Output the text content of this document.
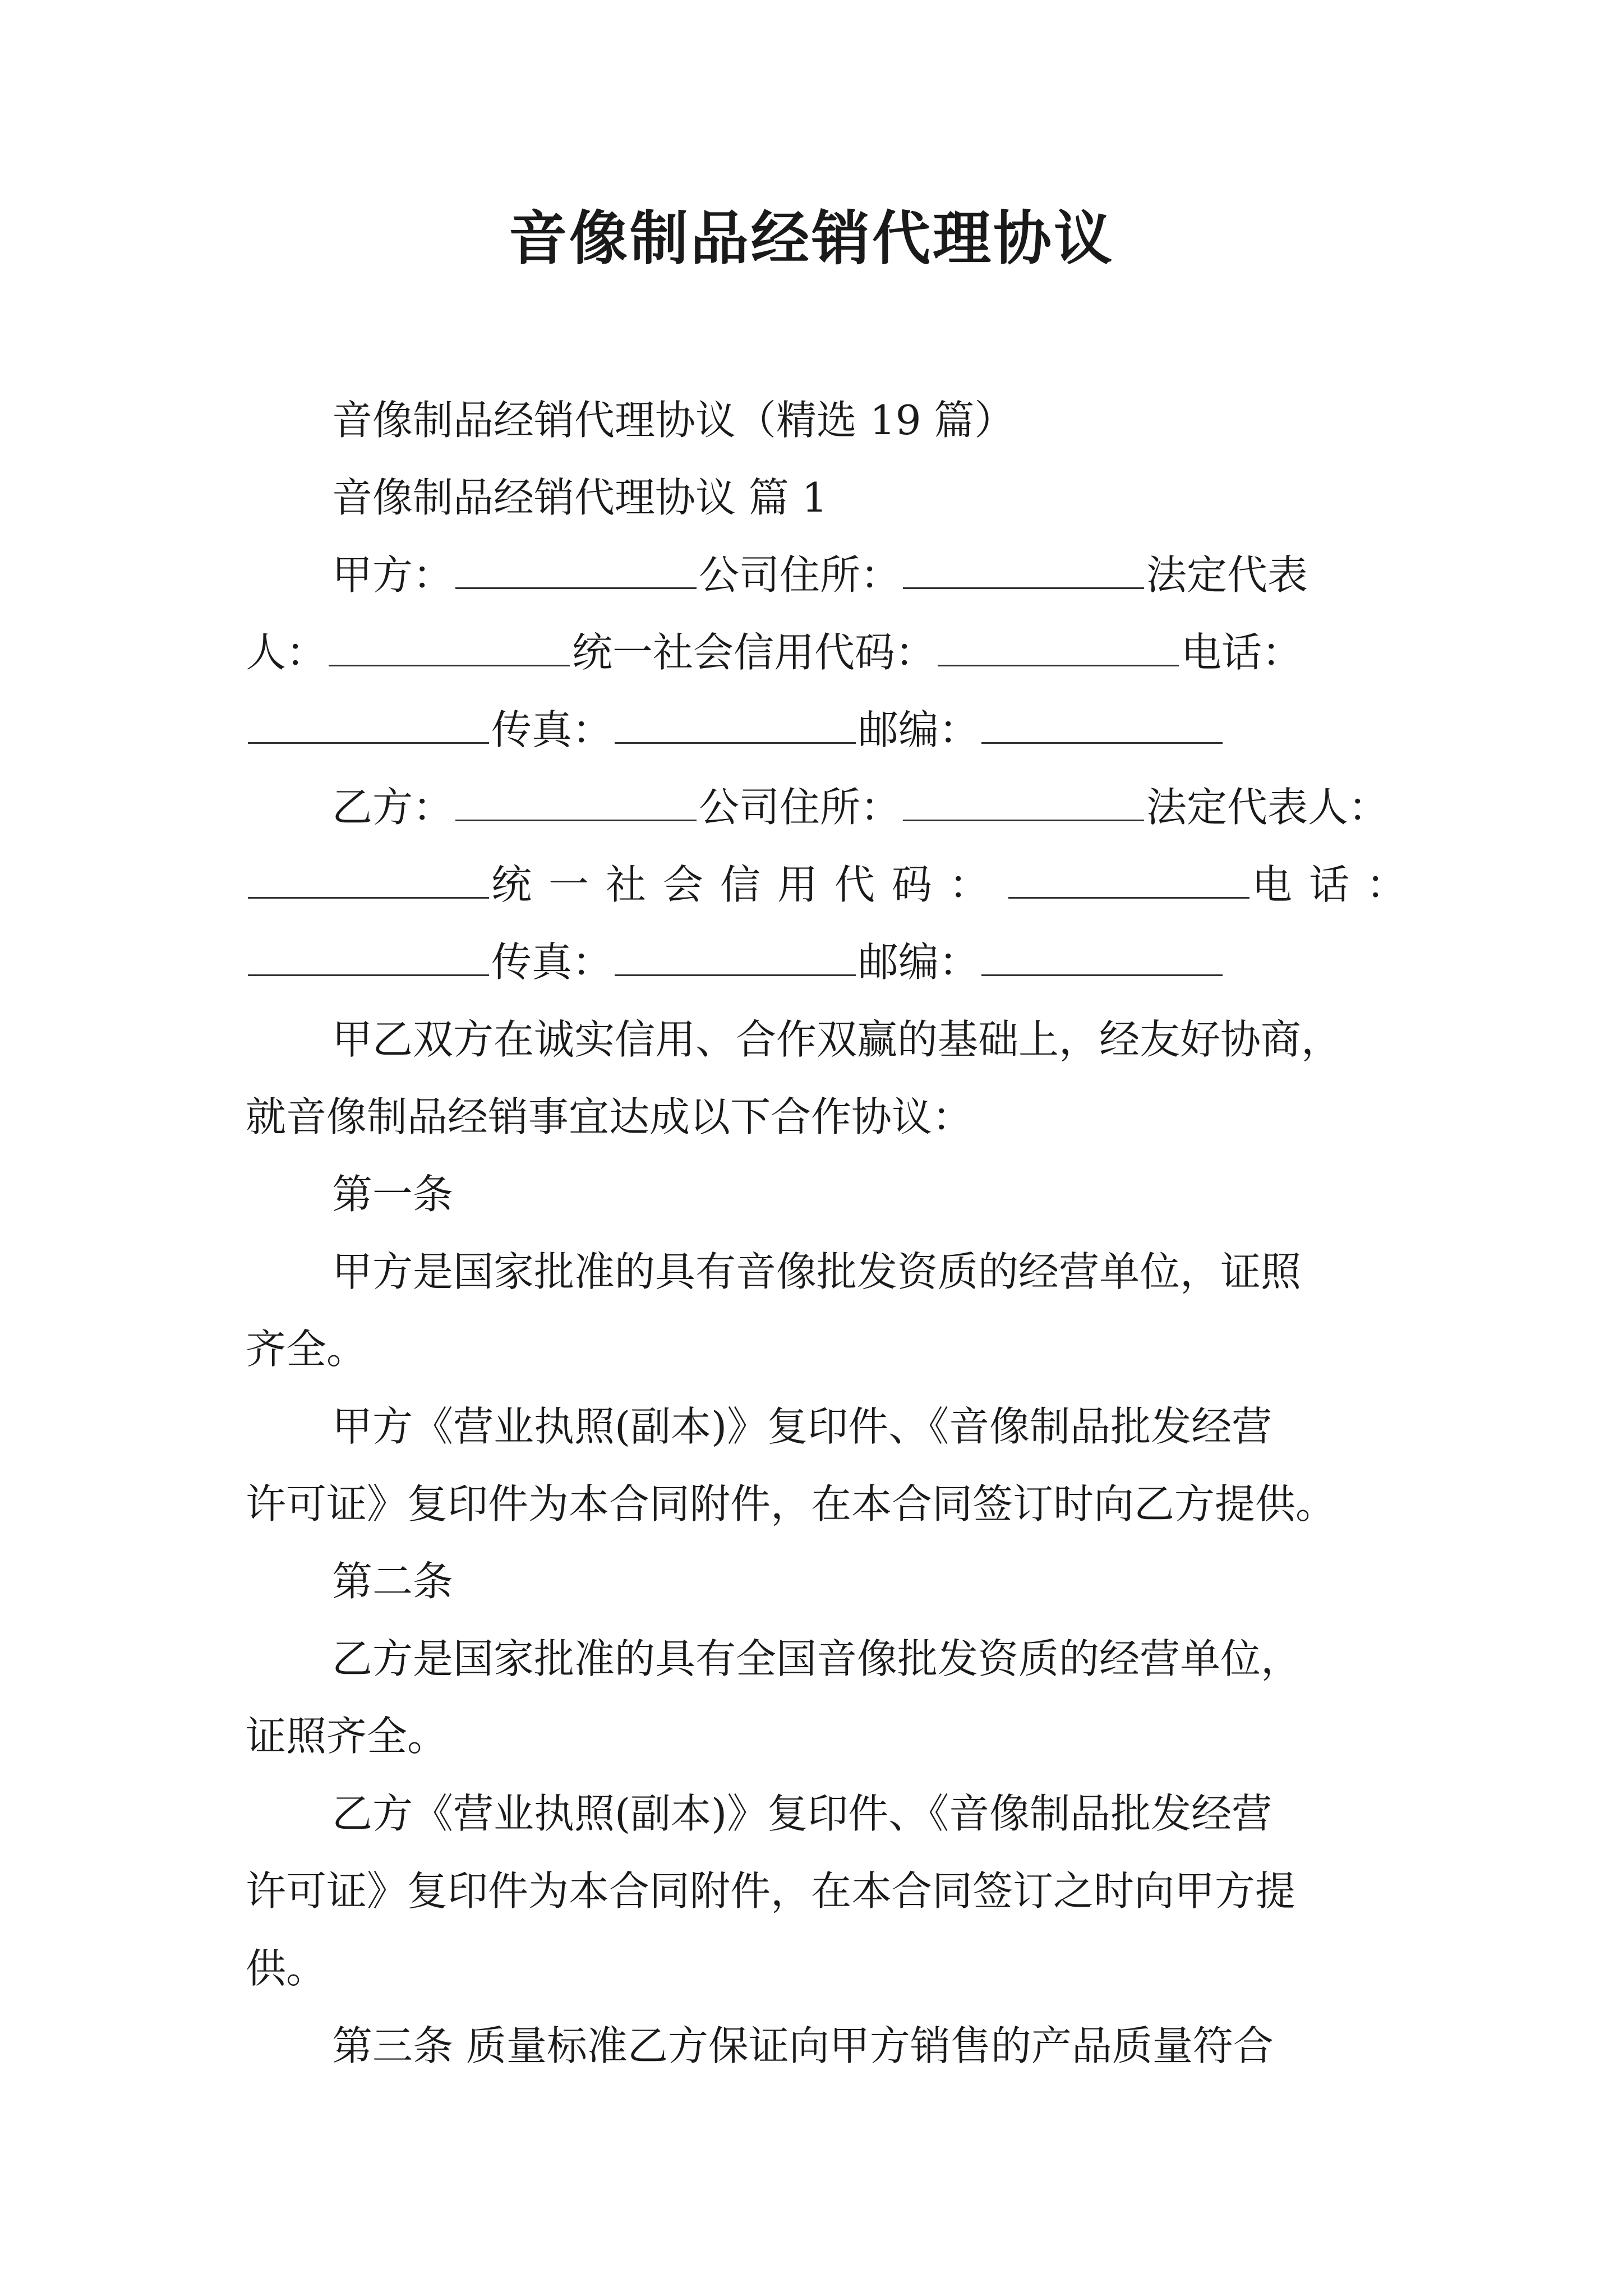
音像制品经销代理协议
音像制品经销代理协议（精选 19 篇）
音像制品经销代理协议 篇 1
甲方：	公司住所：	法定代表
人：	统一社会信用代码：	电话：
传真：	邮编：
乙方：	公司住所：	法定代表人：
统一社会信用代码：	电话：
传真：	邮编：
甲乙双方在诚实信用、合作双赢的基础上，经友好协商，
就音像制品经销事宜达成以下合作协议：
第一条
甲方是国家批准的具有音像批发资质的经营单位，证照
齐全。
甲方《营业执照(副本)》复印件、《音像制品批发经营
许可证》复印件为本合同附件，在本合同签订时向乙方提供。
第二条
乙方是国家批准的具有全国音像批发资质的经营单位，
证照齐全。
乙方《营业执照(副本)》复印件、《音像制品批发经营
许可证》复印件为本合同附件，在本合同签订之时向甲方提
供。
第三条 质量标准乙方保证向甲方销售的产品质量符合
